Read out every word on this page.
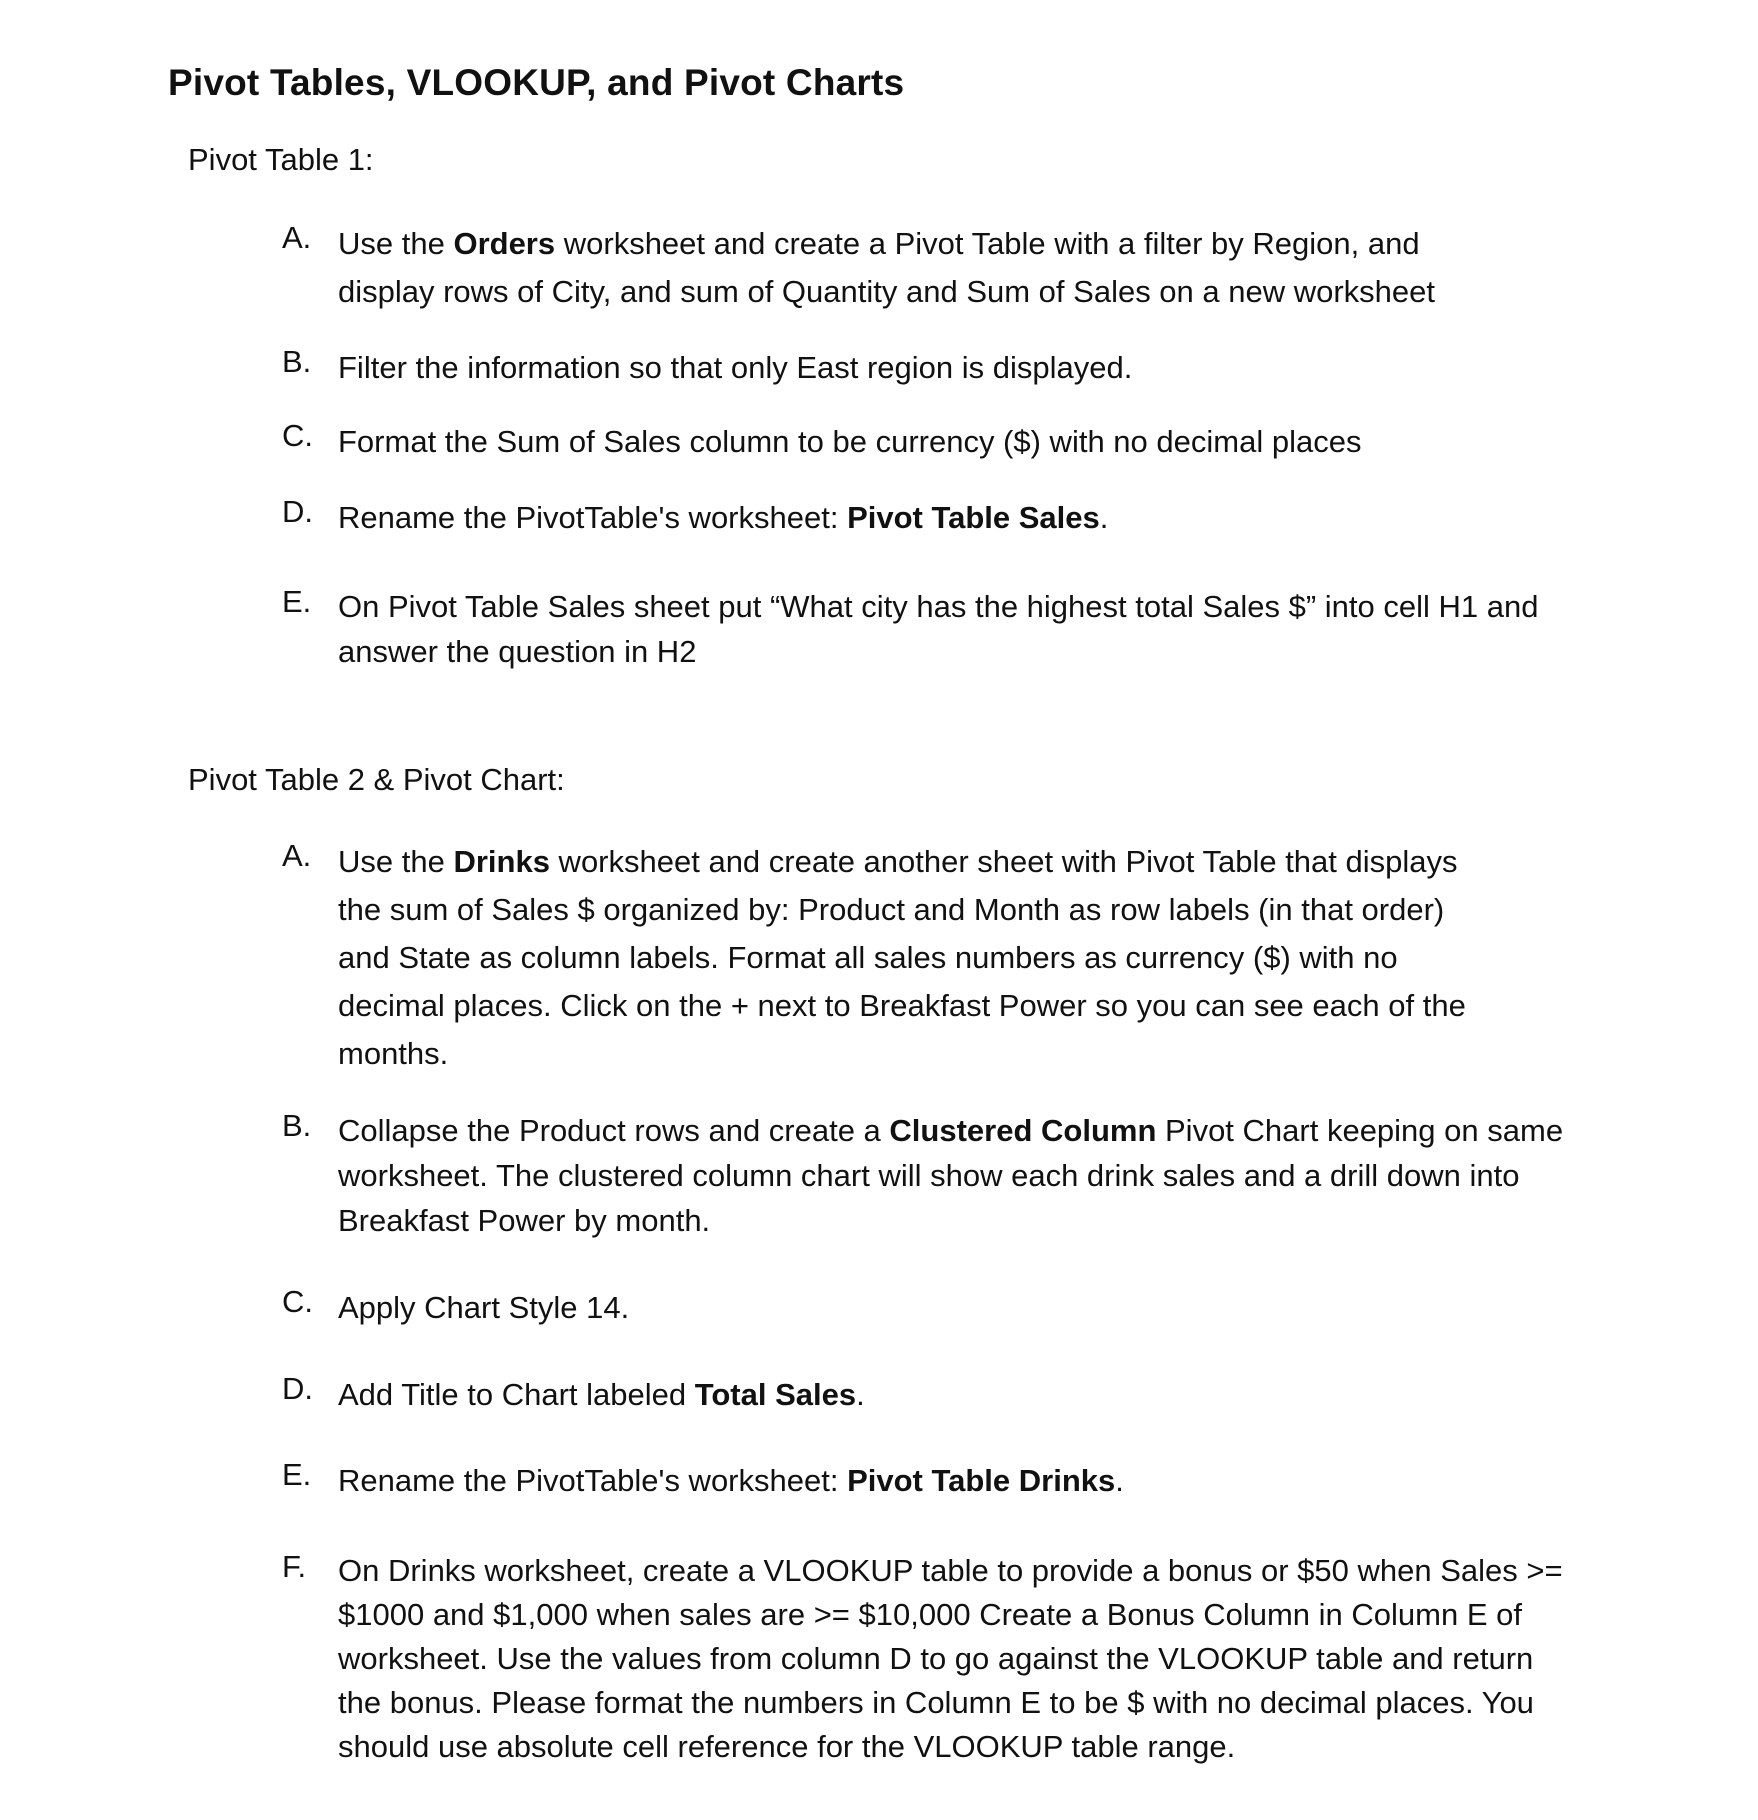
Pivot Tables, VLOOKUP, and Pivot Charts
Pivot Table 1:
A. Use the Orders worksheet and create a Pivot Table with a filter by Region, and
display rows of City, and sum of Quantity and Sum of Sales on a new worksheet
B. Filter the information so that only East region is displayed.
C. Format the Sum of Sales column to be currency ($) with no decimal places
D. Rename the PivotTable's worksheet: Pivot Table Sales.
E. On Pivot Table Sales sheet put “What city has the highest total Sales $” into cell H1 and
answer the question in H2
Pivot Table 2 & Pivot Chart:
A. Use the Drinks worksheet and create another sheet with Pivot Table that displays
the sum of Sales $ organized by: Product and Month as row labels (in that order)
and State as column labels. Format all sales numbers as currency ($) with no
decimal places. Click on the + next to Breakfast Power so you can see each of the
months.
B. Collapse the Product rows and create a Clustered Column Pivot Chart keeping on same
worksheet. The clustered column chart will show each drink sales and a drill down into
Breakfast Power by month.
C. Apply Chart Style 14.
D. Add Title to Chart labeled Total Sales.
E. Rename the PivotTable's worksheet: Pivot Table Drinks.
F.	On Drinks worksheet, create a VLOOKUP table to provide a bonus or $50 when Sales >=
$1000 and $1,000 when sales are >= $10,000 Create a Bonus Column in Column E of
worksheet. Use the values from column D to go against the VLOOKUP table and return
the bonus. Please format the numbers in Column E to be $ with no decimal places. You
should use absolute cell reference for the VLOOKUP table range.
